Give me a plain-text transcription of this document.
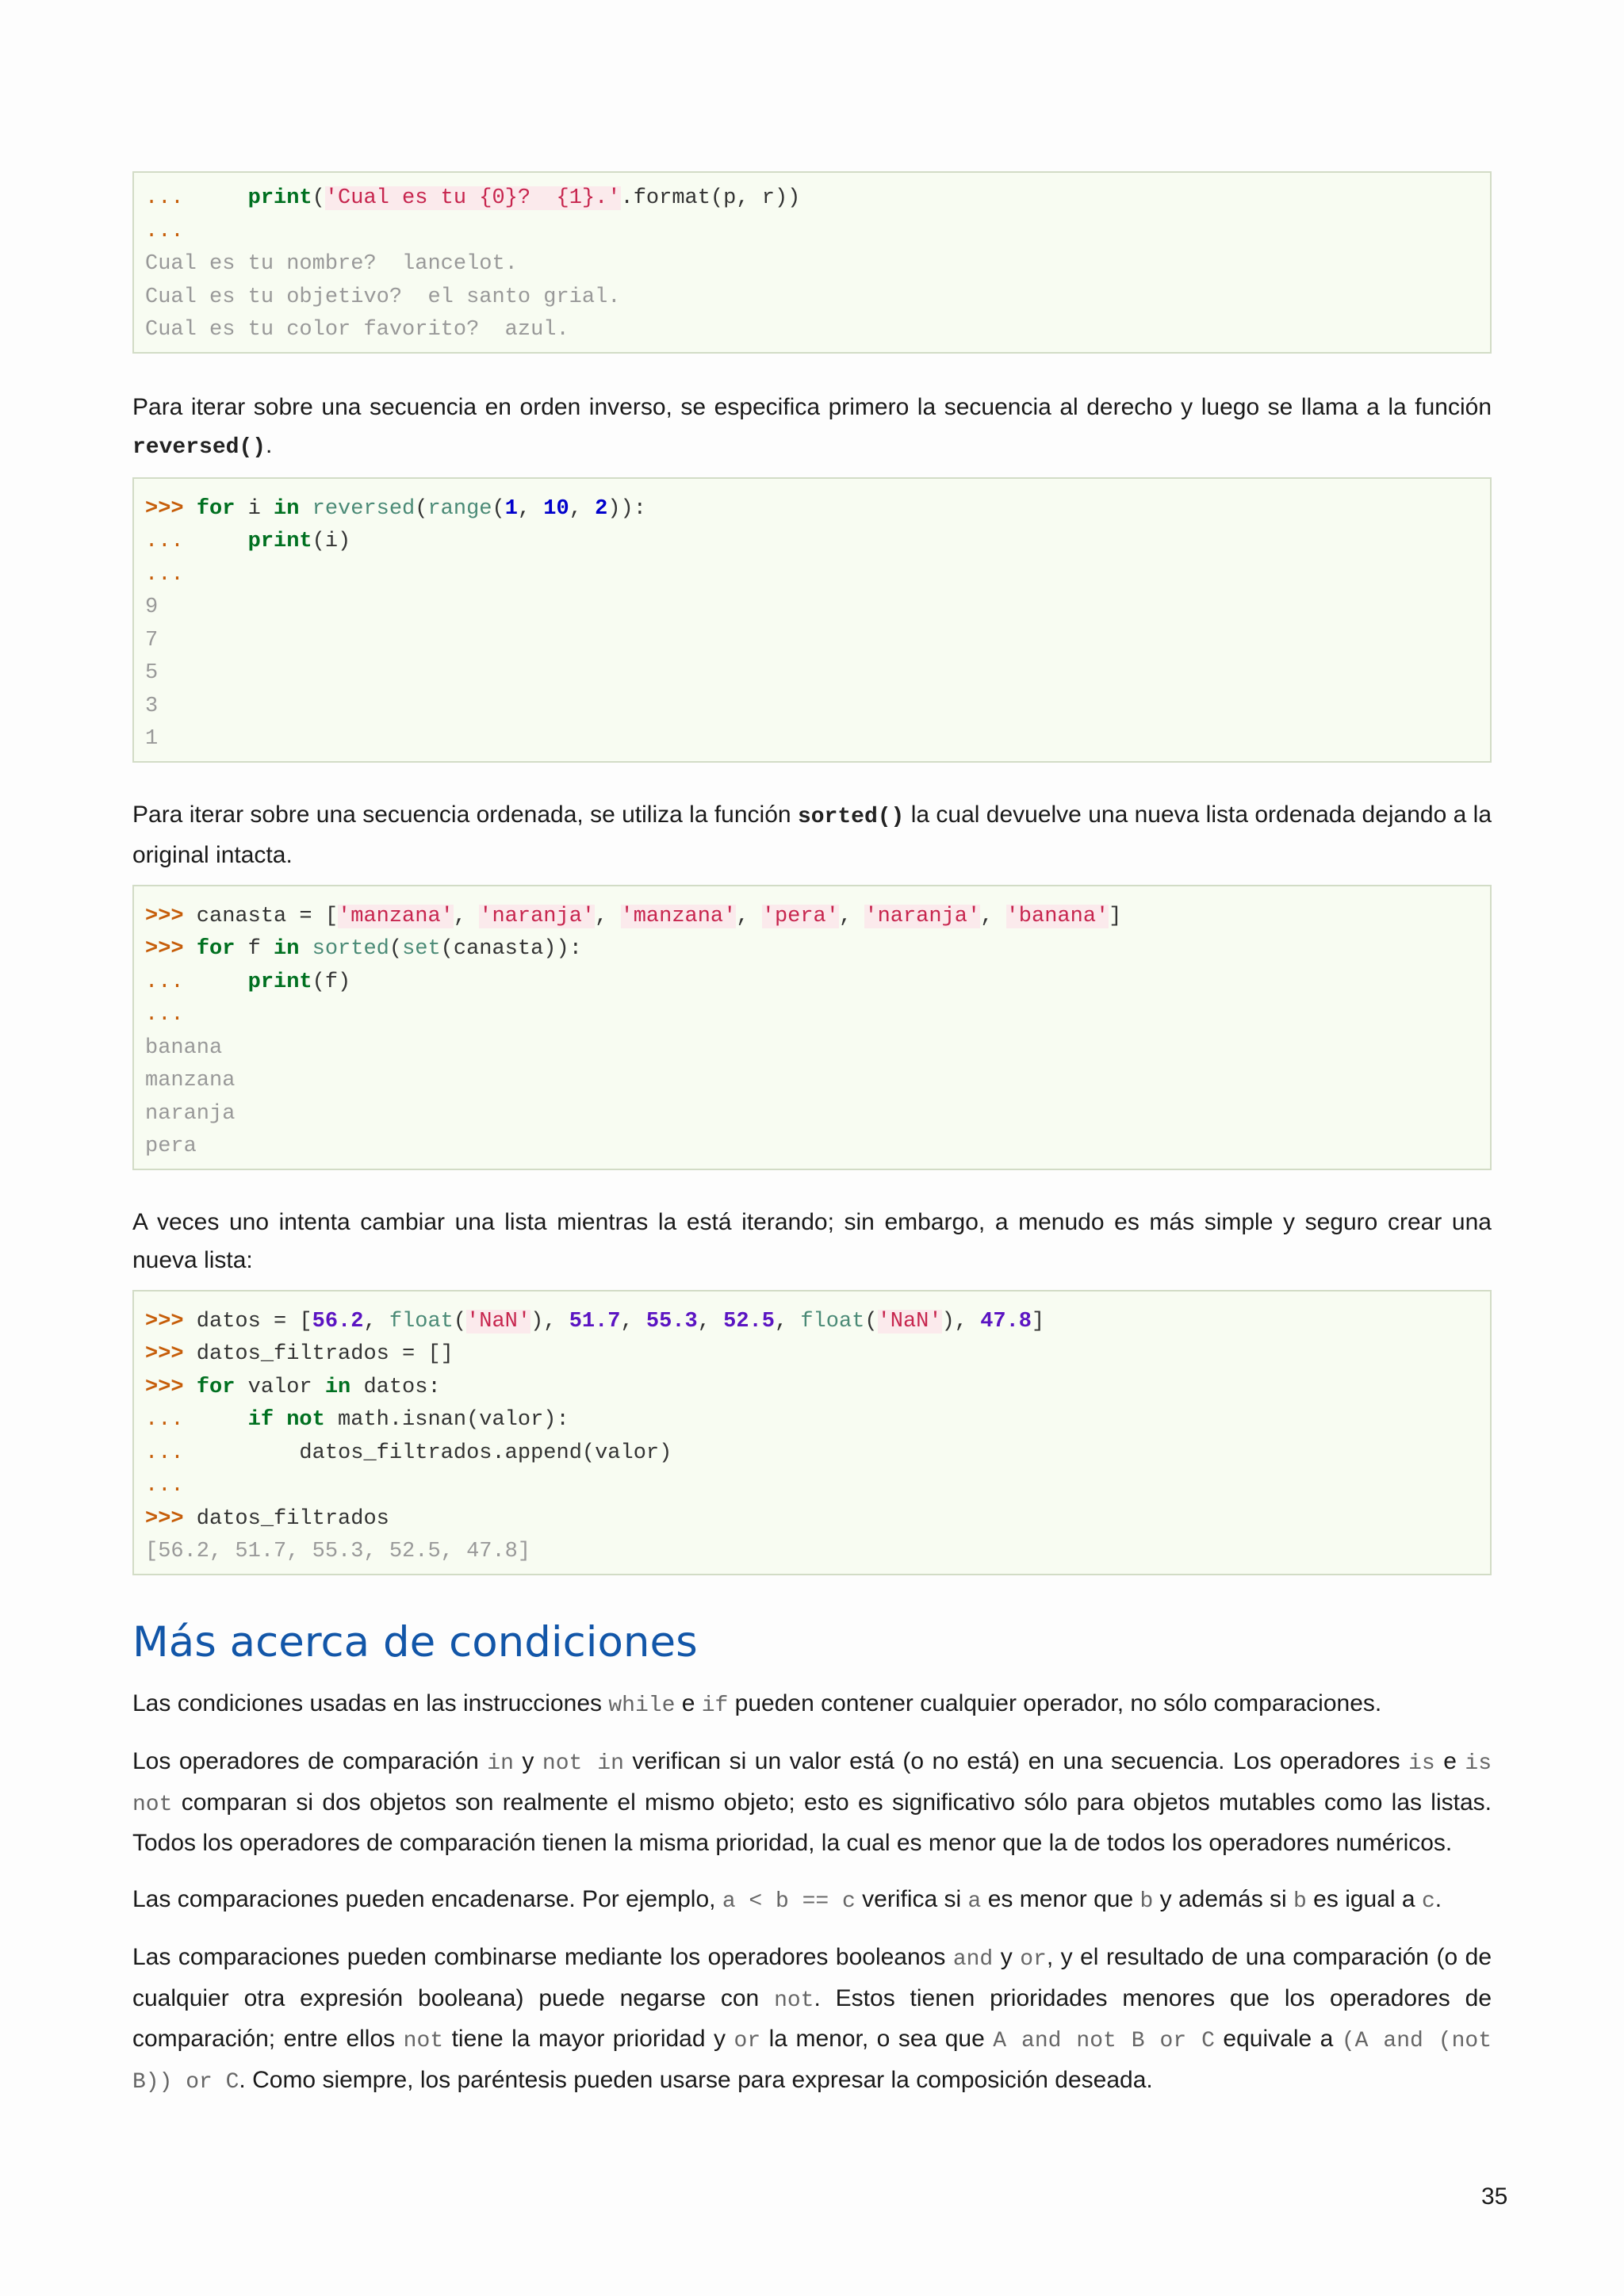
...	print('Cual es tu {0}?  {1}.'.format(p, r))
...
Cual es tu nombre?  lancelot.
Cual es tu objetivo?  el santo grial.
Cual es tu color favorito?  azul.

Para iterar sobre una secuencia en orden inverso, se especifica primero la secuencia al derecho y luego se llama a la función reversed().

>>> for i in reversed(range(1, 10, 2)):
...	print(i)
...
9
7
5
3
1

Para iterar sobre una secuencia ordenada, se utiliza la función sorted() la cual devuelve una nueva lista ordenada dejando a la original intacta.

>>> canasta = ['manzana', 'naranja', 'manzana', 'pera', 'naranja', 'banana']
>>> for f in sorted(set(canasta)):
...	print(f)
...
banana
manzana
naranja
pera

A veces uno intenta cambiar una lista mientras la está iterando; sin embargo, a menudo es más simple y seguro crear una nueva lista:

>>> datos = [56.2, float('NaN'), 51.7, 55.3, 52.5, float('NaN'), 47.8]
>>> datos_filtrados = []
>>> for valor in datos:
...	if not math.isnan(valor):
...         datos_filtrados.append(valor)
...
>>> datos_filtrados
[56.2, 51.7, 55.3, 52.5, 47.8]
Más acerca de condiciones

Las condiciones usadas en las instrucciones while e if pueden contener cualquier operador, no sólo comparaciones.

Los operadores de comparación in y not in verifican si un valor está (o no está) en una secuencia. Los operadores is e is not comparan si dos objetos son realmente el mismo objeto; esto es significativo sólo para objetos mutables como las listas. Todos los operadores de comparación tienen la misma prioridad, la cual es menor que la de todos los operadores numéricos.

Las comparaciones pueden encadenarse. Por ejemplo, a < b == c verifica si a es menor que b y además si b es igual a c.

Las comparaciones pueden combinarse mediante los operadores booleanos and y or, y el resultado de una comparación (o de cualquier otra expresión booleana) puede negarse con not. Estos tienen prioridades menores que los operadores de comparación; entre ellos not tiene la mayor prioridad y or la menor, o sea que A and not B or C equivale a (A and (not B)) or C. Como siempre, los paréntesis pueden usarse para expresar la composición deseada.

35
